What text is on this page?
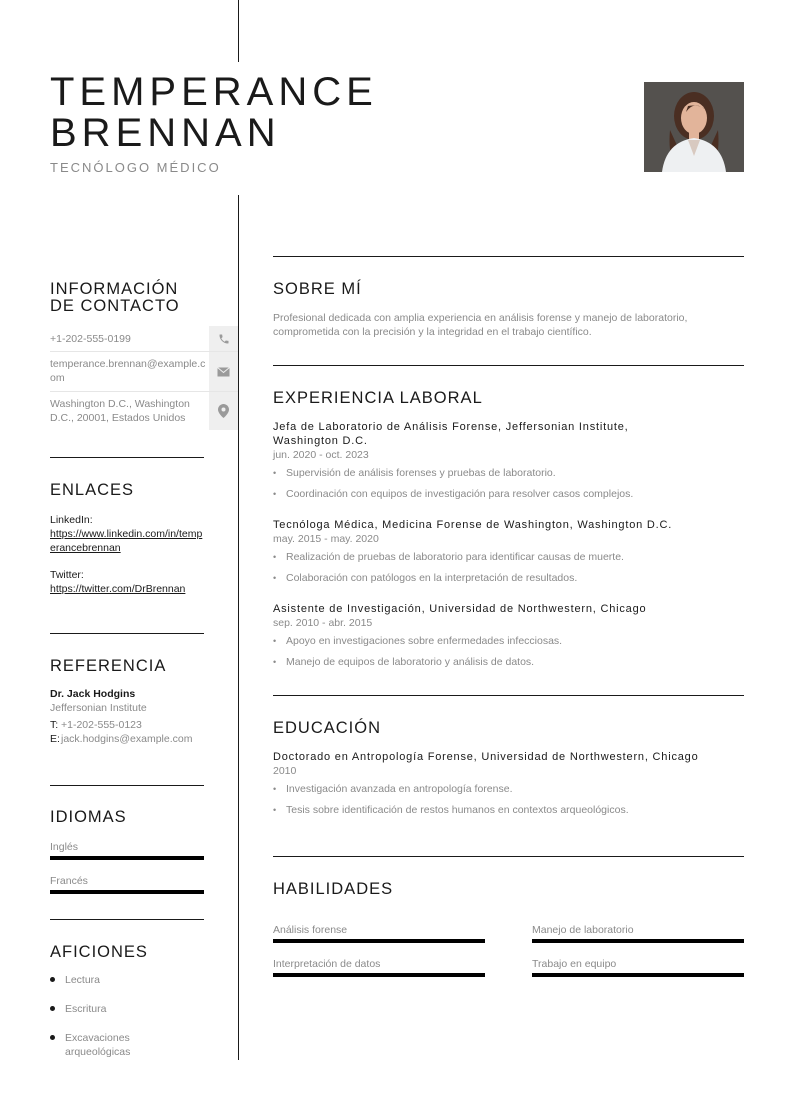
TEMPERANCE
BRENNAN
TECNÓLOGO MÉDICO
INFORMACIÓN
DE CONTACTO
+1-202-555-0199
temperance.brennan@example.com
Washington D.C., Washington D.C., 20001, Estados Unidos
ENLACES
LinkedIn:
https://www.linkedin.com/in/temperancebrennan
Twitter:
https://twitter.com/DrBrennan
REFERENCIA
Dr. Jack Hodgins
Jeffersonian Institute
T: +1-202-555-0123
E: jack.hodgins@example.com
IDIOMAS
Inglés
Francés
AFICIONES
Lectura
Escritura
Excavaciones arqueológicas
SOBRE MÍ
Profesional dedicada con amplia experiencia en análisis forense y manejo de laboratorio, comprometida con la precisión y la integridad en el trabajo científico.
EXPERIENCIA LABORAL
Jefa de Laboratorio de Análisis Forense, Jeffersonian Institute, Washington D.C.
jun. 2020 - oct. 2023
• Supervisión de análisis forenses y pruebas de laboratorio.
• Coordinación con equipos de investigación para resolver casos complejos.
Tecnóloga Médica, Medicina Forense de Washington, Washington D.C.
may. 2015 - may. 2020
• Realización de pruebas de laboratorio para identificar causas de muerte.
• Colaboración con patólogos en la interpretación de resultados.
Asistente de Investigación, Universidad de Northwestern, Chicago
sep. 2010 - abr. 2015
• Apoyo en investigaciones sobre enfermedades infecciosas.
• Manejo de equipos de laboratorio y análisis de datos.
EDUCACIÓN
Doctorado en Antropología Forense, Universidad de Northwestern, Chicago
2010
• Investigación avanzada en antropología forense.
• Tesis sobre identificación de restos humanos en contextos arqueológicos.
HABILIDADES
Análisis forense	Manejo de laboratorio
Interpretación de datos	Trabajo en equipo
